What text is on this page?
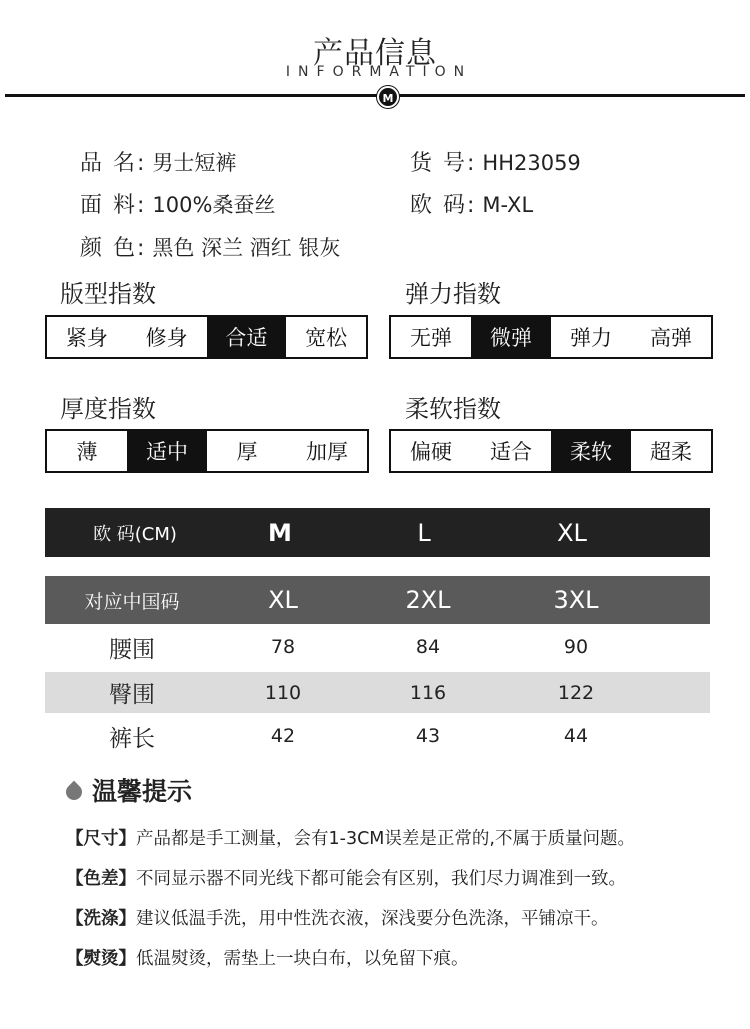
产品信息
INFORMATION
M
品 名: 男士短裤	货 号: HH23059
面 料: 100%桑蚕丝	欧 码: M-XL
颜 色: 黑色 深兰 酒红 银灰
版型指数
紧身	修身	合适	宽松
弹力指数
无弹	微弹	弹力	高弹
厚度指数
薄	适中	厚	加厚
柔软指数
偏硬	适合	柔软	超柔
欧 码(CM)	M	L	XL
对应中国码	XL	2XL	3XL
腰围	78	84	90
臀围	110	116	122
裤长	42	43	44
温馨提示
【尺寸】产品都是手工测量，会有1-3CM误差是正常的,不属于质量问题。
【色差】不同显示器不同光线下都可能会有区别，我们尽力调准到一致。
【洗涤】建议低温手洗，用中性洗衣液，深浅要分色洗涤，平铺凉干。
【熨烫】低温熨烫，需垫上一块白布，以免留下痕。
